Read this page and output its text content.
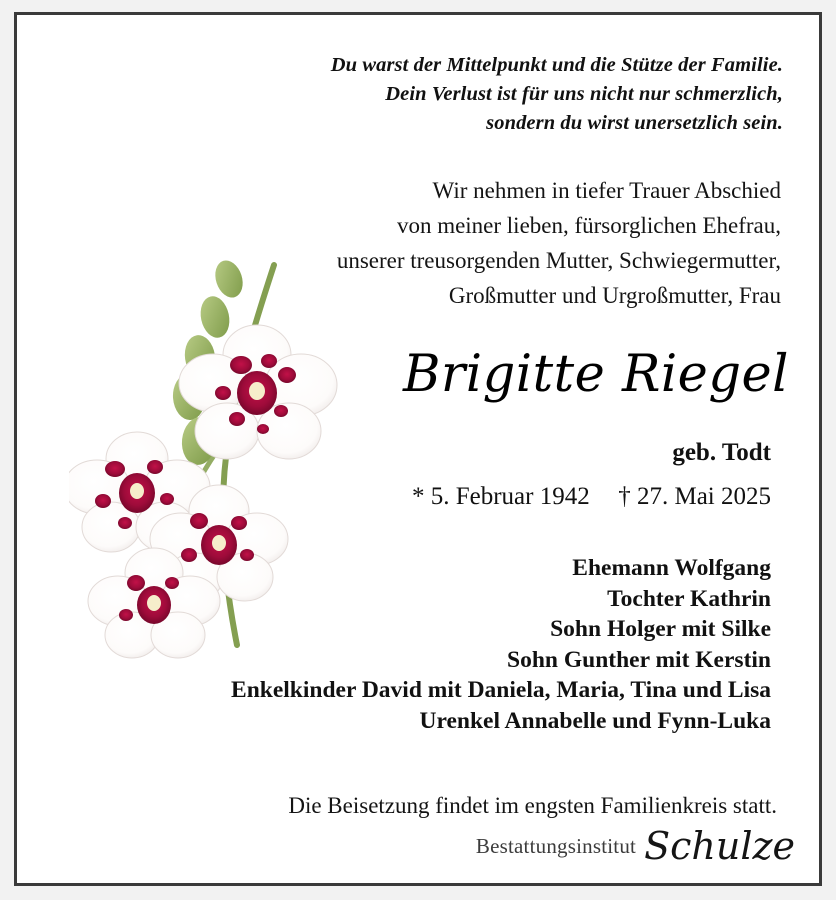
Du warst der Mittelpunkt und die Stütze der Familie.
Dein Verlust ist für uns nicht nur schmerzlich,
sondern du wirst unersetzlich sein.
Wir nehmen in tiefer Trauer Abschied
von meiner lieben, fürsorglichen Ehefrau,
unserer treusorgenden Mutter, Schwiegermutter,
Großmutter und Urgroßmutter, Frau
Brigitte Riegel
geb. Todt
* 5. Februar 1942 † 27. Mai 2025
Ehemann Wolfgang
Tochter Kathrin
Sohn Holger mit Silke
Sohn Gunther mit Kerstin
Enkelkinder David mit Daniela, Maria, Tina und Lisa
Urenkel Annabelle und Fynn-Luka
Die Beisetzung findet im engsten Familienkreis statt.
Bestattungsinstitut Schulze
